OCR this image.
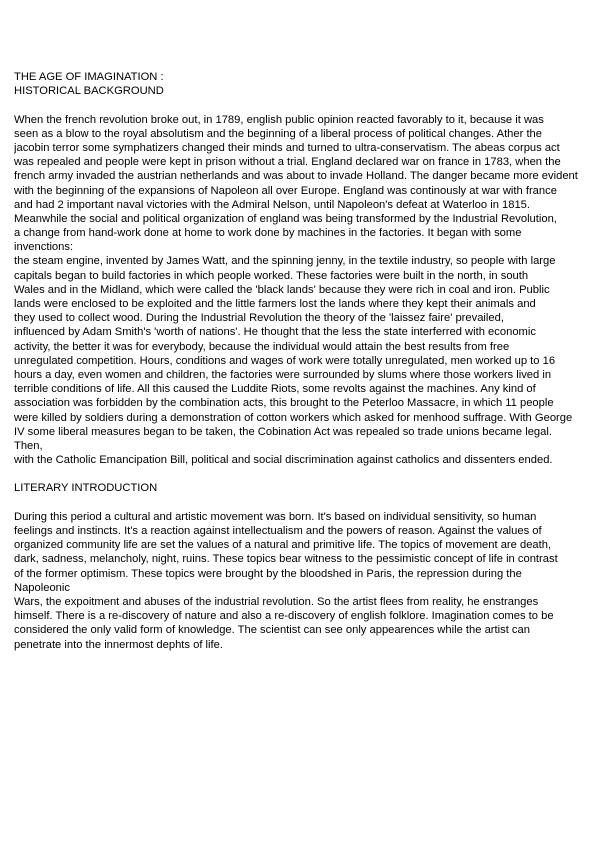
THE AGE OF IMAGINATION :
HISTORICAL BACKGROUND
When the french revolution broke out, in 1789, english public opinion reacted favorably to it, because it was
seen as a blow to the royal absolutism and the beginning of a liberal process of political changes. Ather the
jacobin terror some symphatizers changed their minds and turned to ultra-conservatism. The abeas corpus act
was repealed and people were kept in prison without a trial. England declared war on france in 1783, when the
french army invaded the austrian netherlands and was about to invade Holland. The danger became more evident
with the beginning of the expansions of Napoleon all over Europe. England was continously at war with france
and had 2 important naval victories with the Admiral Nelson, until Napoleon's defeat at Waterloo in 1815.
Meanwhile the social and political organization of england was being transformed by the Industrial Revolution,
a change from hand-work done at home to work done by machines in the factories. It began with some
invenctions:
the steam engine, invented by James Watt, and the spinning jenny, in the textile industry, so people with large
capitals began to build factories in which people worked. These factories were built in the north, in south
Wales and in the Midland, which were called the 'black lands' because they were rich in coal and iron. Public
lands were enclosed to be exploited and the little farmers lost the lands where they kept their animals and
they used to collect wood. During the Industrial Revolution the theory of the 'laissez faire' prevailed,
influenced by Adam Smith's 'worth of nations'. He thought that the less the state interferred with economic
activity, the better it was for everybody, because the individual would attain the best results from free
unregulated competition. Hours, conditions and wages of work were totally unregulated, men worked up to 16
hours a day, even women and children, the factories were surrounded by slums where those workers lived in
terrible conditions of life. All this caused the Luddite Riots, some revolts against the machines. Any kind of
association was forbidden by the combination acts, this brought to the Peterloo Massacre, in which 11 people
were killed by soldiers during a demonstration of cotton workers which asked for menhood suffrage. With George
IV some liberal measures began to be taken, the Cobination Act was repealed so trade unions became legal.
Then,
with the Catholic Emancipation Bill, political and social discrimination against catholics and dissenters ended.
LITERARY INTRODUCTION
During this period a cultural and artistic movement was born. It's based on individual sensitivity, so human
feelings and instincts. It's a reaction against intellectualism and the powers of reason. Against the values of
organized community life are set the values of a natural and primitive life. The topics of movement are death,
dark, sadness, melancholy, night, ruins. These topics bear witness to the pessimistic concept of life in contrast
of the former optimism. These topics were brought by the bloodshed in Paris, the repression during the
Napoleonic
Wars, the expoitment and abuses of the industrial revolution. So the artist flees from reality, he enstranges
himself. There is a re-discovery of nature and also a re-discovery of english folklore. Imagination comes to be
considered the only valid form of knowledge. The scientist can see only appearences while the artist can
penetrate into the innermost dephts of life.
